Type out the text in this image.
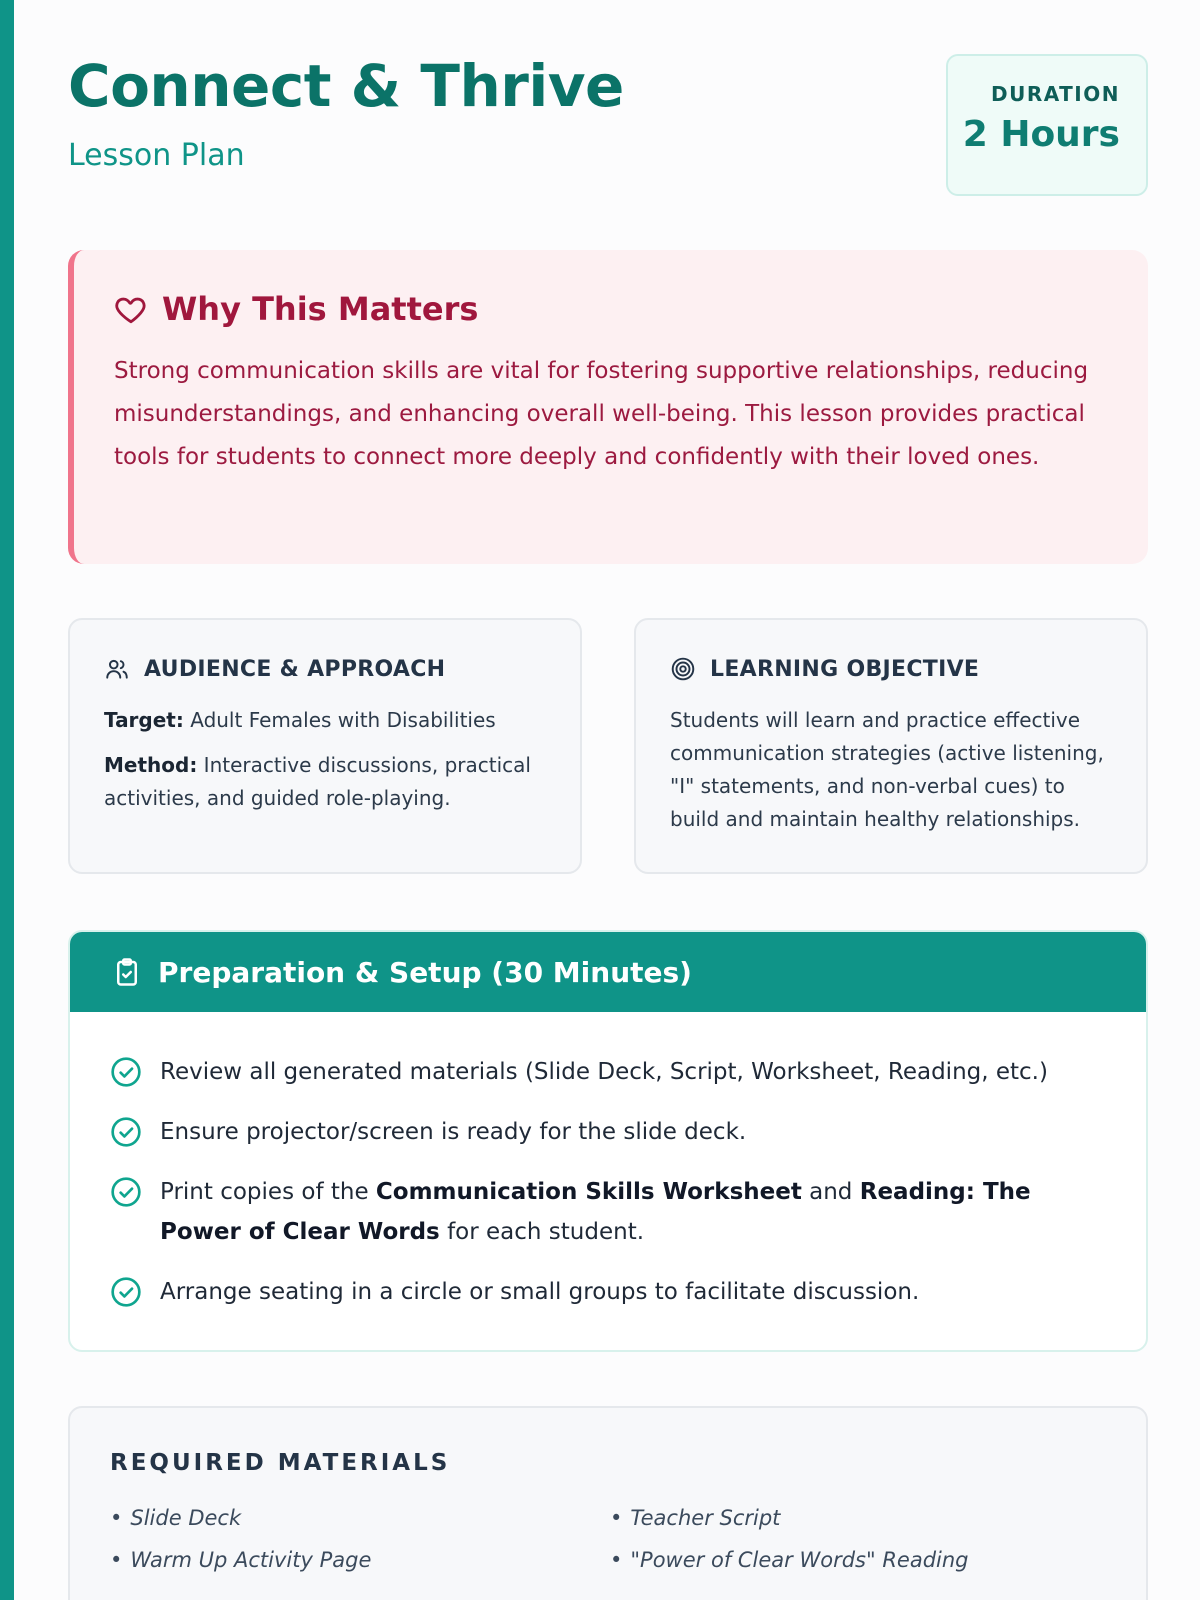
Connect & Thrive
Lesson Plan
DURATION
2 Hours
Why This Matters
Strong communication skills are vital for fostering supportive relationships, reducing misunderstandings, and enhancing overall well-being. This lesson provides practical tools for students to connect more deeply and confidently with their loved ones.
AUDIENCE & APPROACH
Target: Adult Females with Disabilities
Method: Interactive discussions, practical activities, and guided role-playing.
LEARNING OBJECTIVE
Students will learn and practice effective communication strategies (active listening, "I" statements, and non-verbal cues) to build and maintain healthy relationships.
Preparation & Setup (30 Minutes)
Review all generated materials (Slide Deck, Script, Worksheet, Reading, etc.)
Ensure projector/screen is ready for the slide deck.
Print copies of the Communication Skills Worksheet and Reading: The Power of Clear Words for each student.
Arrange seating in a circle or small groups to facilitate discussion.
REQUIRED MATERIALS
• Slide Deck	• Teacher Script
• Warm Up Activity Page	• "Power of Clear Words" Reading
